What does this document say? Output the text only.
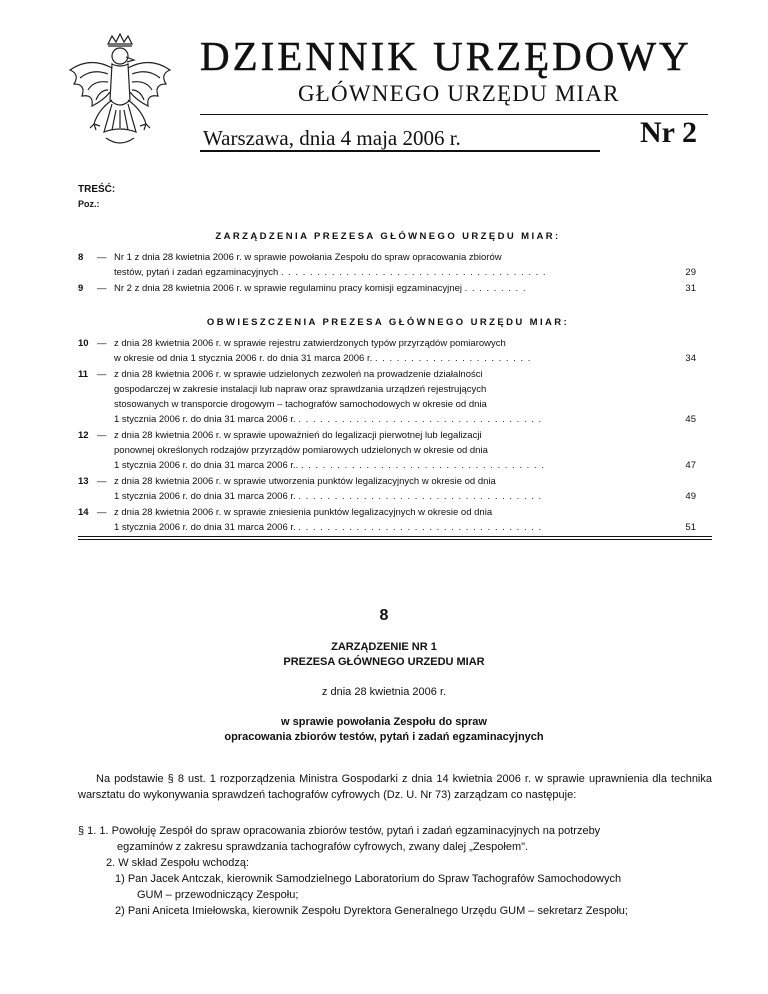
DZIENNIK URZĘDOWY
GŁÓWNEGO URZĘDU MIAR
Warszawa, dnia 4 maja 2006 r.	Nr 2
TREŚĆ:
Poz.:
ZARZĄDZENIA PREZESA GŁÓWNEGO URZĘDU MIAR:
8 — Nr 1 z dnia 28 kwietnia 2006 r. w sprawie powołania Zespołu do spraw opracowania zbiorów

testów, pytań i zadań egzaminacyjnych . . . . . . . . . . . . . . . . . . . . . . . . . . . . . . . . . . . . .	29
9 — Nr 2 z dnia 28 kwietnia 2006 r. w sprawie regulaminu pracy komisji egzaminacyjnej . . . . . . . . .	31
OBWIESZCZENIA PREZESA GŁÓWNEGO URZĘDU MIAR:
10 — z dnia 28 kwietnia 2006 r. w sprawie rejestru zatwierdzonych typów przyrządów pomiarowych

w okresie od dnia 1 stycznia 2006 r. do dnia 31 marca 2006 r. . . . . . . . . . . . . . . . . . . . . . .	34
11 — z dnia 28 kwietnia 2006 r. w sprawie udzielonych zezwoleń na prowadzenie działalności

gospodarczej w zakresie instalacji lub napraw oraz sprawdzania urządzeń rejestrujących

stosowanych w transporcie drogowym – tachografów samochodowych w okresie od dnia

1 stycznia 2006 r. do dnia 31 marca 2006 r. . . . . . . . . . . . . . . . . . . . . . . . . . . . . . . . . . .	45
12 — z dnia 28 kwietnia 2006 r. w sprawie upoważnień do legalizacji pierwotnej lub legalizacji

ponownej określonych rodzajów przyrządów pomiarowych udzielonych w okresie od dnia

1 stycznia 2006 r. do dnia 31 marca 2006 r.. . . . . . . . . . . . . . . . . . . . . . . . . . . . . . . . . . .	47
13 — z dnia 28 kwietnia 2006 r. w sprawie utworzenia punktów legalizacyjnych w okresie od dnia

1 stycznia 2006 r. do dnia 31 marca 2006 r. . . . . . . . . . . . . . . . . . . . . . . . . . . . . . . . . . .	49
14 — z dnia 28 kwietnia 2006 r. w sprawie zniesienia punktów legalizacyjnych w okresie od dnia

1 stycznia 2006 r. do dnia 31 marca 2006 r. . . . . . . . . . . . . . . . . . . . . . . . . . . . . . . . . . .	51
8
ZARZĄDZENIE NR 1
PREZESA GŁÓWNEGO URZEDU MIAR
z dnia 28 kwietnia 2006 r.
w sprawie powołania Zespołu do spraw
opracowania zbiorów testów, pytań i zadań egzaminacyjnych
Na podstawie § 8 ust. 1 rozporządzenia Ministra Gospodarki z dnia 14 kwietnia 2006 r. w sprawie uprawnienia dla technika warsztatu do wykonywania sprawdzeń tachografów cyfrowych (Dz. U. Nr 73) zarządzam co następuje:
§ 1. 1. Powołuję Zespół do spraw opracowania zbiorów testów, pytań i zadań egzaminacyjnych na potrzeby
egzaminów z zakresu sprawdzania tachografów cyfrowych, zwany dalej „Zespołem".
2. W skład Zespołu wchodzą:
1) Pan Jacek Antczak, kierownik Samodzielnego Laboratorium do Spraw Tachografów Samochodowych
GUM – przewodniczący Zespołu;
2) Pani Aniceta Imiełowska, kierownik Zespołu Dyrektora Generalnego Urzędu GUM – sekretarz Zespołu;
